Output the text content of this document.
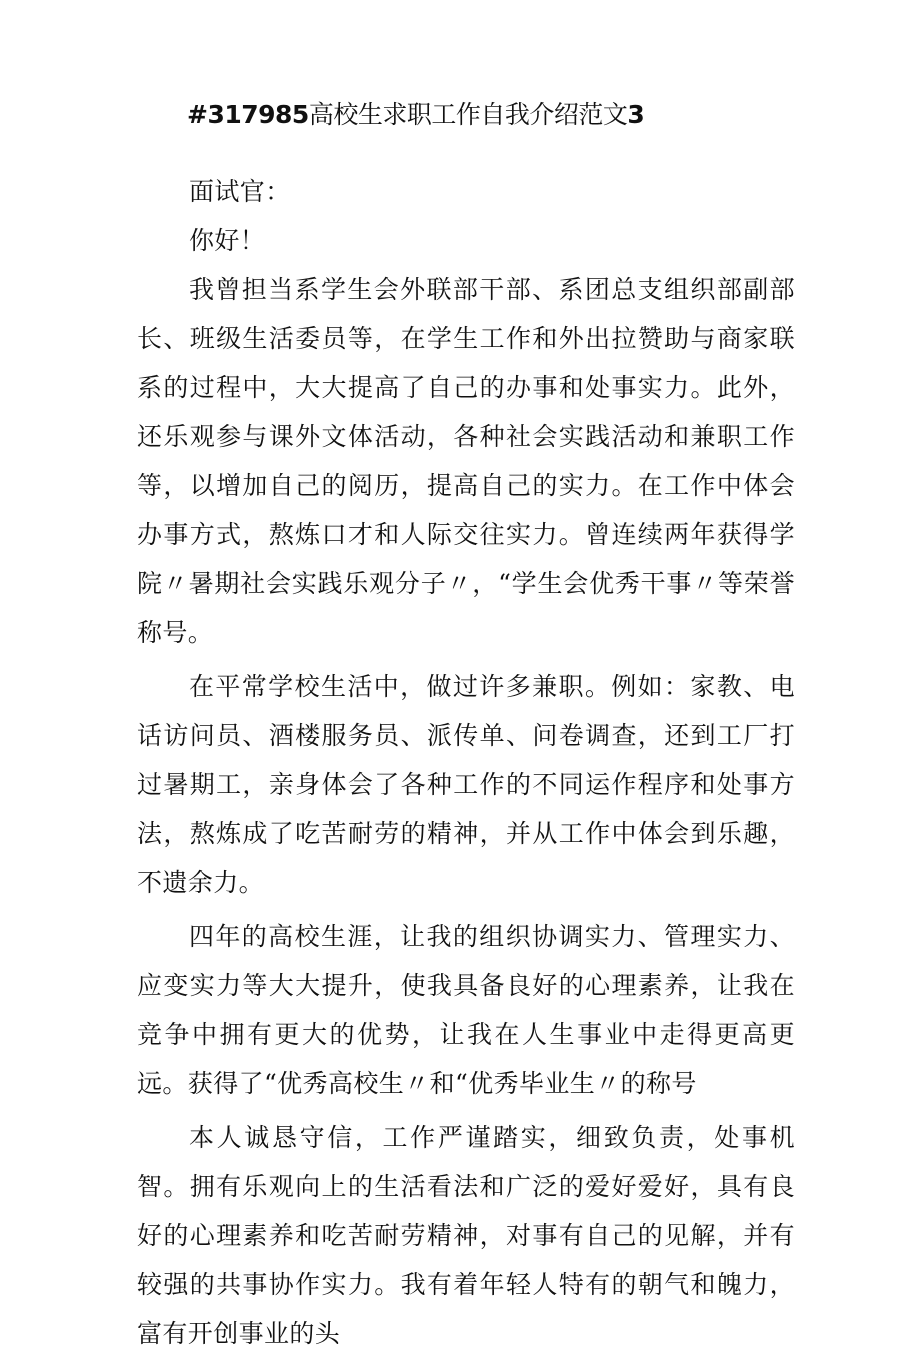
#317985高校生求职工作自我介绍范文3

面试官：

你好！

我曾担当系学生会外联部干部、系团总支组织部副部长、班级生活委员等，在学生工作和外出拉赞助与商家联系的过程中，大大提高了自己的办事和处事实力。此外，还乐观参与课外文体活动，各种社会实践活动和兼职工作等，以增加自己的阅历，提高自己的实力。在工作中体会办事方式，熬炼口才和人际交往实力。曾连续两年获得学院〃暑期社会实践乐观分子〃，“学生会优秀干事〃等荣誉称号。

在平常学校生活中，做过许多兼职。例如：家教、电话访问员、酒楼服务员、派传单、问卷调查，还到工厂打过暑期工，亲身体会了各种工作的不同运作程序和处事方法，熬炼成了吃苦耐劳的精神，并从工作中体会到乐趣，不遗余力。

四年的高校生涯，让我的组织协调实力、管理实力、应变实力等大大提升，使我具备良好的心理素养，让我在竞争中拥有更大的优势，让我在人生事业中走得更高更远。获得了“优秀高校生〃和“优秀毕业生〃的称号

本人诚恳守信，工作严谨踏实，细致负责，处事机智。拥有乐观向上的生活看法和广泛的爱好爱好，具有良好的心理素养和吃苦耐劳精神，对事有自己的见解，并有较强的共事协作实力。我有着年轻人特有的朝气和魄力，富有开创事业的头
